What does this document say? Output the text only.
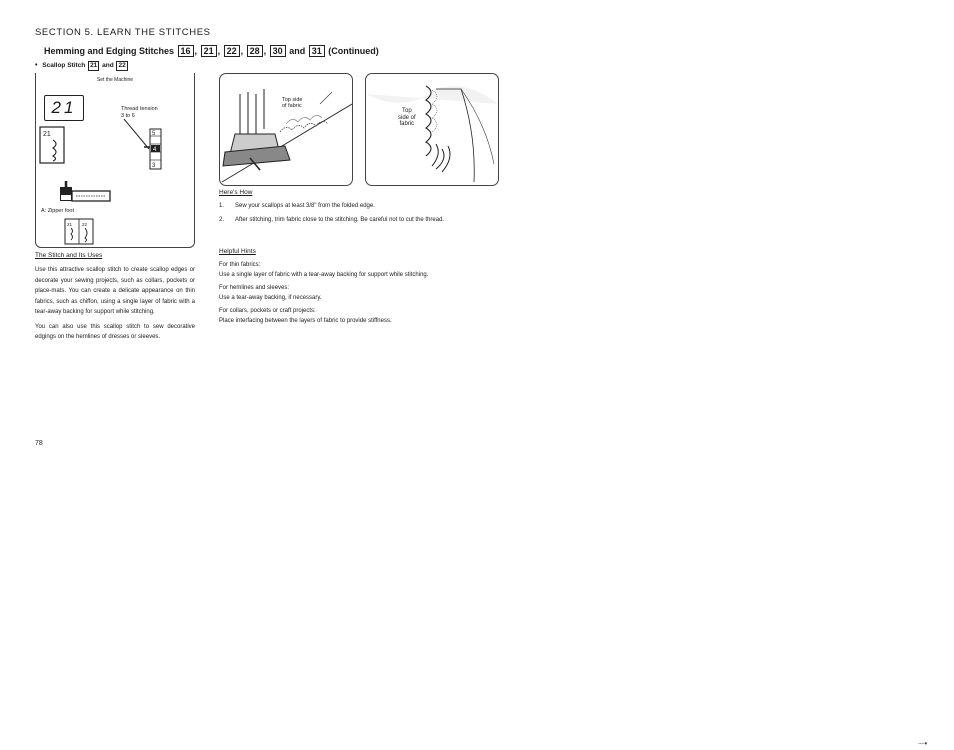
SECTION 5. LEARN THE STITCHES
Hemming and Edging Stitches 16 , 21 , 22 , 28 , 30 and 31 (Continued)
• Scallop Stitch 21 and 22
Set the Machine
21
21
Thread tension
3 to 6
5
4
3
A: Zipper foot
21 22
The Stitch and Its Uses

Use this attractive scallop stitch to create scallop edges or decorate your sewing projects, such as collars, pockets or place-mats. You can create a delicate appearance on thin fabrics, such as chiffon, using a single layer of fabric with a tear-away backing for support while stitching.

You can also use this scallop stitch to sew decorative edgings on the hemlines of dresses or sleeves.

Top side
of fabric
Top
side of
fabric
Here's How
1.	Sew your scallops at least 3/8" from the folded edge.
2.	After stitching, trim fabric close to the stitching. Be careful not to cut the thread.
Helpful Hints

For thin fabrics:
Use a single layer of fabric with a tear-away backing for support while stitching.

For hemlines and sleeves:
Use a tear-away backing, if necessary.

For collars, pockets or craft projects:
Place interfacing between the layers of fabric to provide stiffness.

78
----▾
